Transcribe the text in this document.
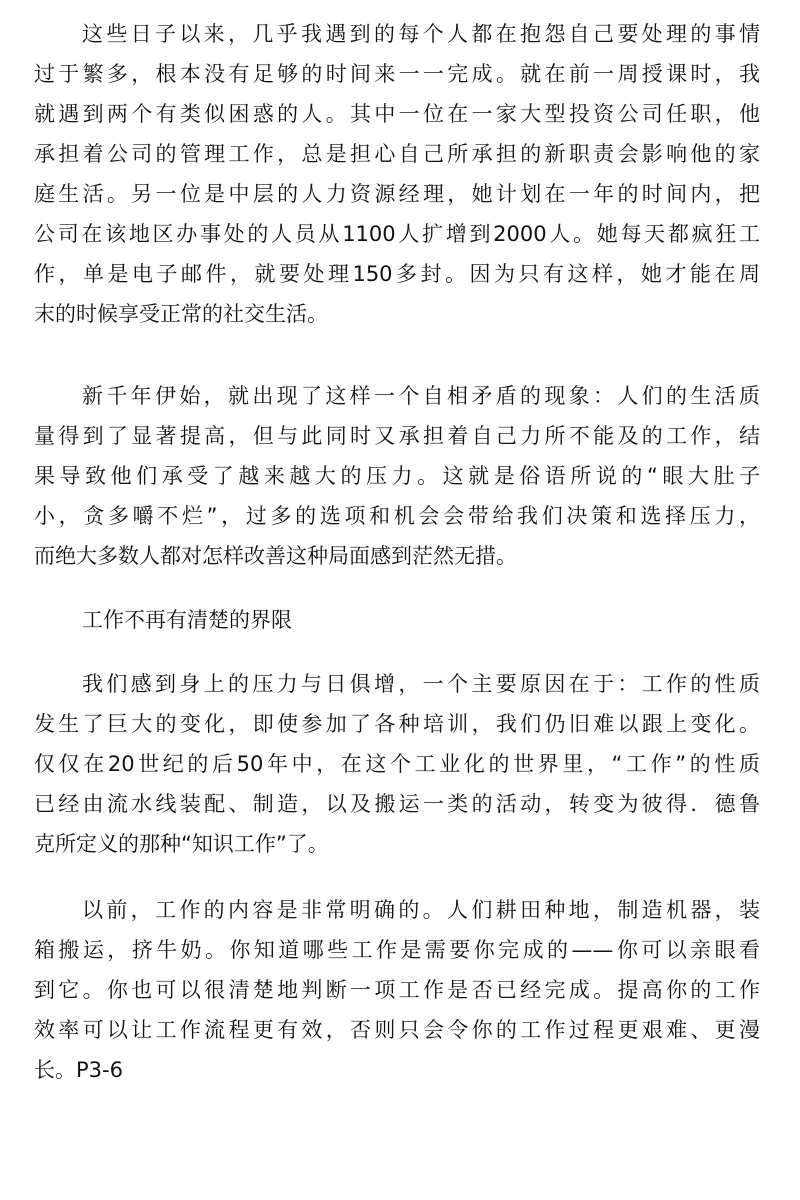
这些日子以来，几乎我遇到的每个人都在抱怨自己要处理的事情
过于繁多，根本没有足够的时间来一一完成。就在前一周授课时，我
就遇到两个有类似困惑的人。其中一位在一家大型投资公司任职，他
承担着公司的管理工作，总是担心自己所承担的新职责会影响他的家
庭生活。另一位是中层的人力资源经理，她计划在一年的时间内，把
公司在该地区办事处的人员从1100人扩增到2000人。她每天都疯狂工
作，单是电子邮件，就要处理150多封。因为只有这样，她才能在周
末的时候享受正常的社交生活。
新千年伊始，就出现了这样一个自相矛盾的现象：人们的生活质
量得到了显著提高，但与此同时又承担着自己力所不能及的工作，结
果导致他们承受了越来越大的压力。这就是俗语所说的“眼大肚子
小，贪多嚼不烂”，过多的选项和机会会带给我们决策和选择压力，
而绝大多数人都对怎样改善这种局面感到茫然无措。
工作不再有清楚的界限
我们感到身上的压力与日俱增，一个主要原因在于：工作的性质
发生了巨大的变化，即使参加了各种培训，我们仍旧难以跟上变化。
仅仅在20世纪的后50年中，在这个工业化的世界里，“工作”的性质
已经由流水线装配、制造，以及搬运一类的活动，转变为彼得．德鲁
克所定义的那种“知识工作”了。
以前，工作的内容是非常明确的。人们耕田种地，制造机器，装
箱搬运，挤牛奶。你知道哪些工作是需要你完成的——你可以亲眼看
到它。你也可以很清楚地判断一项工作是否已经完成。提高你的工作
效率可以让工作流程更有效，否则只会令你的工作过程更艰难、更漫
长。P3-6
